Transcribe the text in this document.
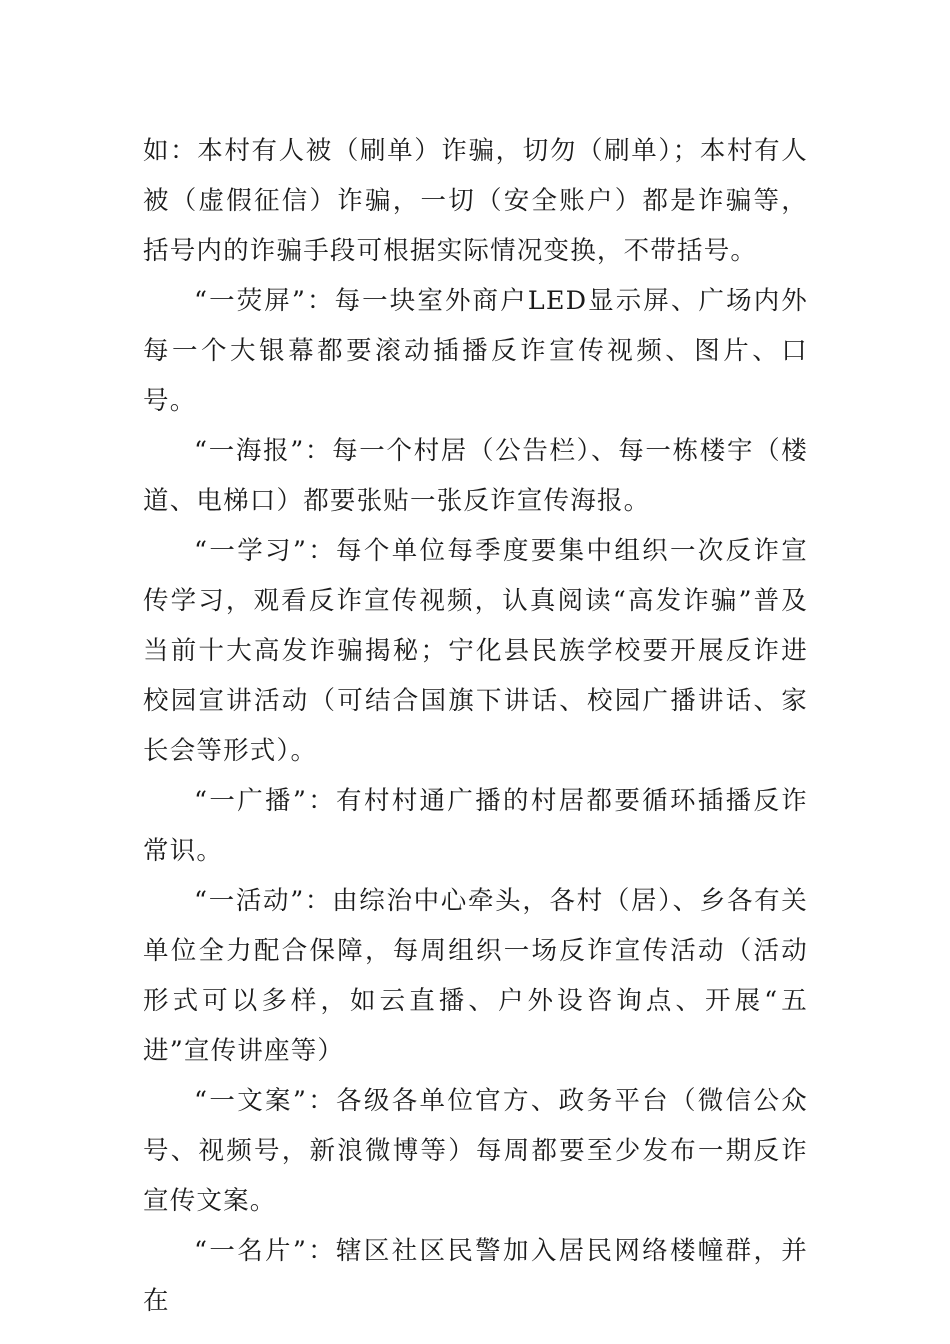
如：本村有人被（刷单）诈骗，切勿（刷单）；本村有人被（虚假征信）诈骗，一切（安全账户）都是诈骗等，括号内的诈骗手段可根据实际情况变换，不带括号。

“一荧屏”：每一块室外商户LED显示屏、广场内外每一个大银幕都要滚动插播反诈宣传视频、图片、口号。

“一海报”：每一个村居（公告栏）、每一栋楼宇（楼道、电梯口）都要张贴一张反诈宣传海报。

“一学习”：每个单位每季度要集中组织一次反诈宣传学习，观看反诈宣传视频，认真阅读“高发诈骗”普及当前十大高发诈骗揭秘；宁化县民族学校要开展反诈进校园宣讲活动（可结合国旗下讲话、校园广播讲话、家长会等形式）。

“一广播”：有村村通广播的村居都要循环插播反诈常识。

“一活动”：由综治中心牵头，各村（居）、乡各有关单位全力配合保障，每周组织一场反诈宣传活动（活动形式可以多样，如云直播、户外设咨询点、开展“五进”宣传讲座等）

“一文案”：各级各单位官方、政务平台（微信公众号、视频号，新浪微博等）每周都要至少发布一期反诈宣传文案。

“一名片”：辖区社区民警加入居民网络楼幢群，并在
